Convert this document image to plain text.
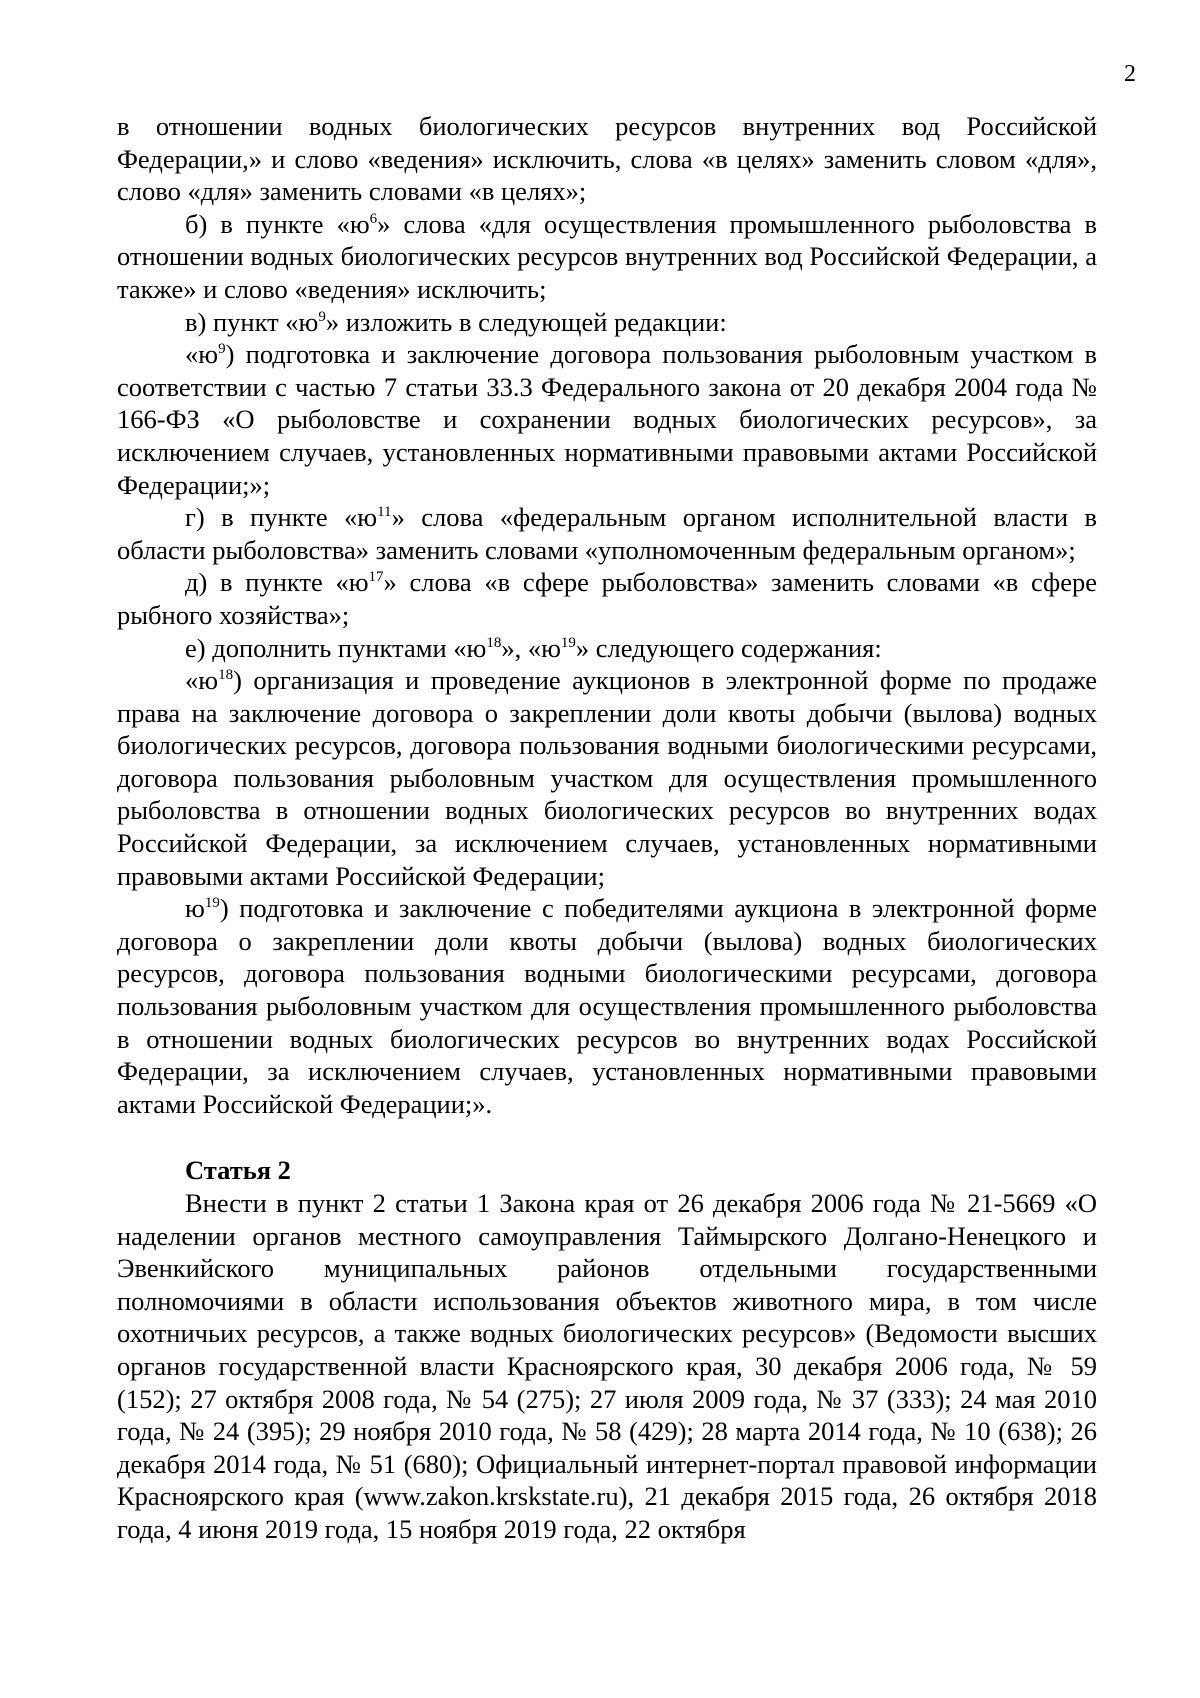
2

в отношении водных биологических ресурсов внутренних вод Российской Федерации,» и слово «ведения» исключить, слова «в целях» заменить словом «для», слово «для» заменить словами «в целях»;

б) в пункте «$ю^6$» слова «для осуществления промышленного рыболовства в отношении водных биологических ресурсов внутренних вод Российской Федерации, а также» и слово «ведения» исключить;

в) пункт «$ю^9$» изложить в следующей редакции:

«$ю^9$) подготовка и заключение договора пользования рыболовным участком в соответствии с частью 7 статьи 33.3 Федерального закона от 20 декабря 2004 года № 166-ФЗ «О рыболовстве и сохранении водных биологических ресурсов», за исключением случаев, установленных нормативными правовыми актами Российской Федерации;»;

г) в пункте «$ю^{11}$» слова «федеральным органом исполнительной власти в области рыболовства» заменить словами «уполномоченным федеральным органом»;

д) в пункте «$ю^{17}$» слова «в сфере рыболовства» заменить словами «в сфере рыбного хозяйства»;

е) дополнить пунктами «$ю^{18}$», «$ю^{19}$» следующего содержания:

«$ю^{18}$) организация и проведение аукционов в электронной форме по продаже права на заключение договора о закреплении доли квоты добычи (вылова) водных биологических ресурсов, договора пользования водными биологическими ресурсами, договора пользования рыболовным участком для осуществления промышленного рыболовства в отношении водных биологических ресурсов во внутренних водах Российской Федерации, за исключением случаев, установленных нормативными правовыми актами Российской Федерации;

$ю^{19}$) подготовка и заключение с победителями аукциона в электронной форме договора о закреплении доли квоты добычи (вылова) водных биологических ресурсов, договора пользования водными биологическими ресурсами, договора пользования рыболовным участком для осуществления промышленного рыболовства в отношении водных биологических ресурсов во внутренних водах Российской Федерации, за исключением случаев, установленных нормативными правовыми актами Российской Федерации;».

Статья 2

Внести в пункт 2 статьи 1 Закона края от 26 декабря 2006 года № 21-5669 «О наделении органов местного самоуправления Таймырского Долгано-Ненецкого и Эвенкийского муниципальных районов отдельными государственными полномочиями в области использования объектов животного мира, в том числе охотничьих ресурсов, а также водных биологических ресурсов» (Ведомости высших органов государственной власти Красноярского края, 30 декабря 2006 года, № 59 (152); 27 октября 2008 года, № 54 (275); 27 июля 2009 года, № 37 (333); 24 мая 2010 года, № 24 (395); 29 ноября 2010 года, № 58 (429); 28 марта 2014 года, № 10 (638); 26 декабря 2014 года, № 51 (680); Официальный интернет-портал правовой информации Красноярского края (www.zakon.krskstate.ru), 21 декабря 2015 года, 26 октября 2018 года, 4 июня 2019 года, 15 ноября 2019 года, 22 октября
